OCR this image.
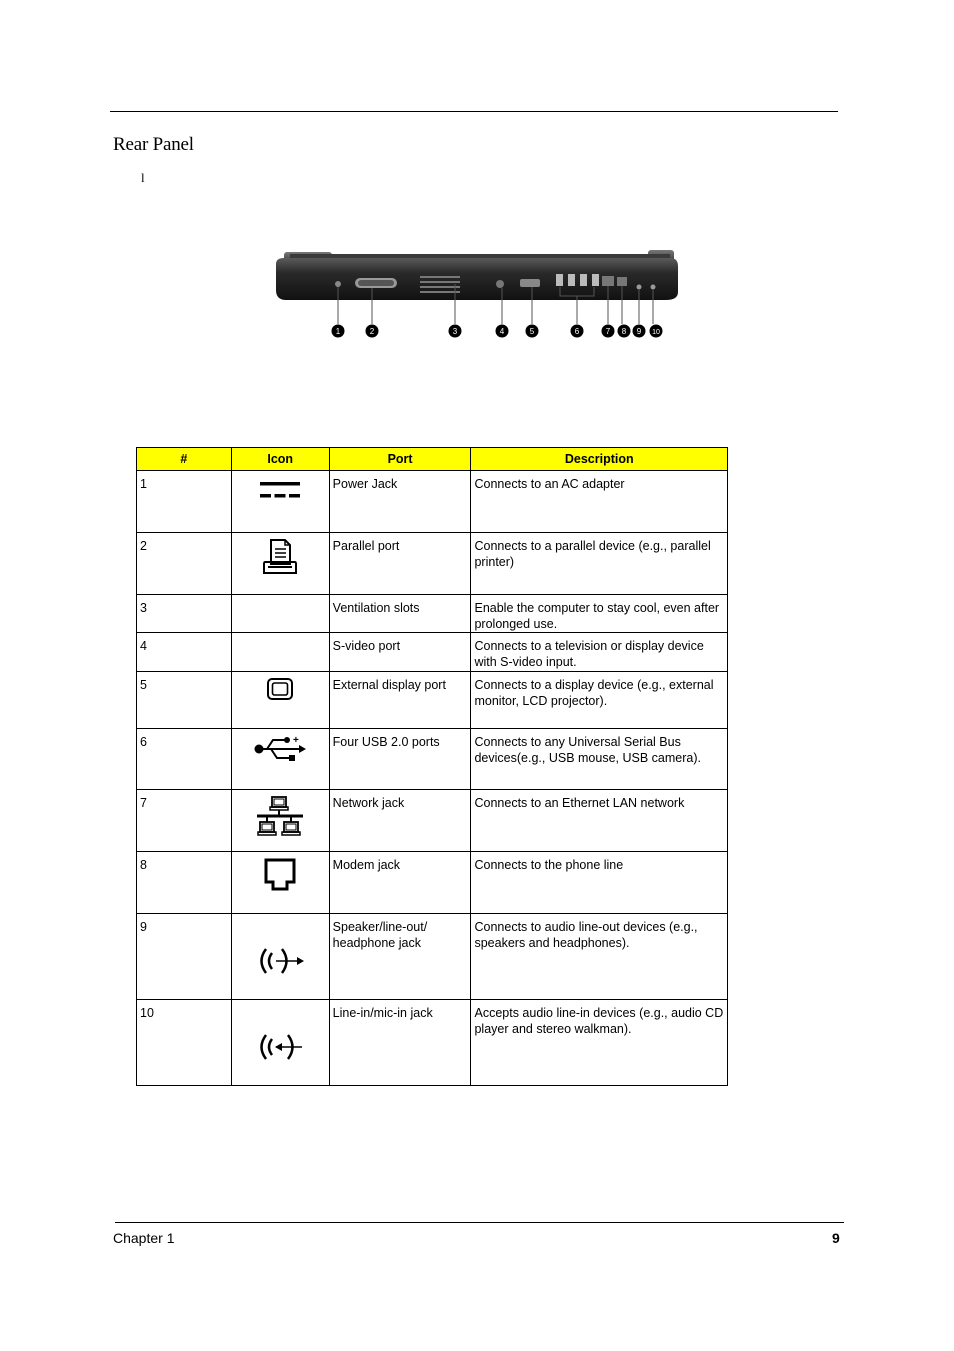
Rear Panel
l
1	2	3	4	5	6	7 8 9 10
#	Icon	Port	Description
1		Power Jack	Connects to an AC adapter
2		Parallel port	Connects to a parallel device (e.g., parallel printer)
3		Ventilation slots	Enable the computer to stay cool, even after prolonged use.
4		S-video port	Connects to a television or display device with S-video input.
5		External display port	Connects to a display device (e.g., external monitor, LCD projector).
6	+	Four USB 2.0 ports	Connects to any Universal Serial Bus devices(e.g., USB mouse, USB camera).
7		Network jack	Connects to an Ethernet LAN network
8		Modem jack	Connects to the phone line
9		Speaker/line-out/ headphone jack	Connects to audio line-out devices (e.g., speakers and headphones).
10		Line-in/mic-in jack	Accepts audio line-in devices (e.g., audio CD player and stereo walkman).
Chapter 1	9
